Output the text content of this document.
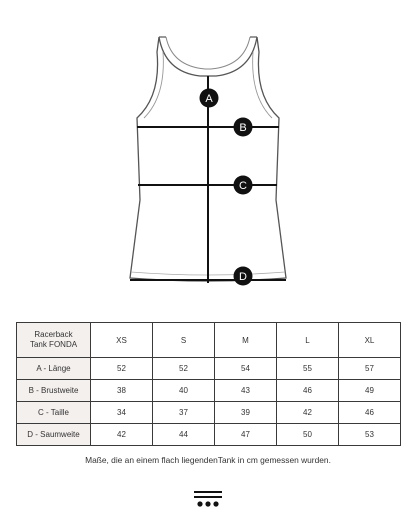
A
B
C
D
Racerback
Tank FONDA	XS	S	M	L	XL
A - Länge	52	52	54	55	57
B - Brustweite	38	40	43	46	49
C - Taille	34	37	39	42	46
D - Saumweite	42	44	47	50	53
Maße, die an einem flach liegendenTank in cm gemessen wurden.
